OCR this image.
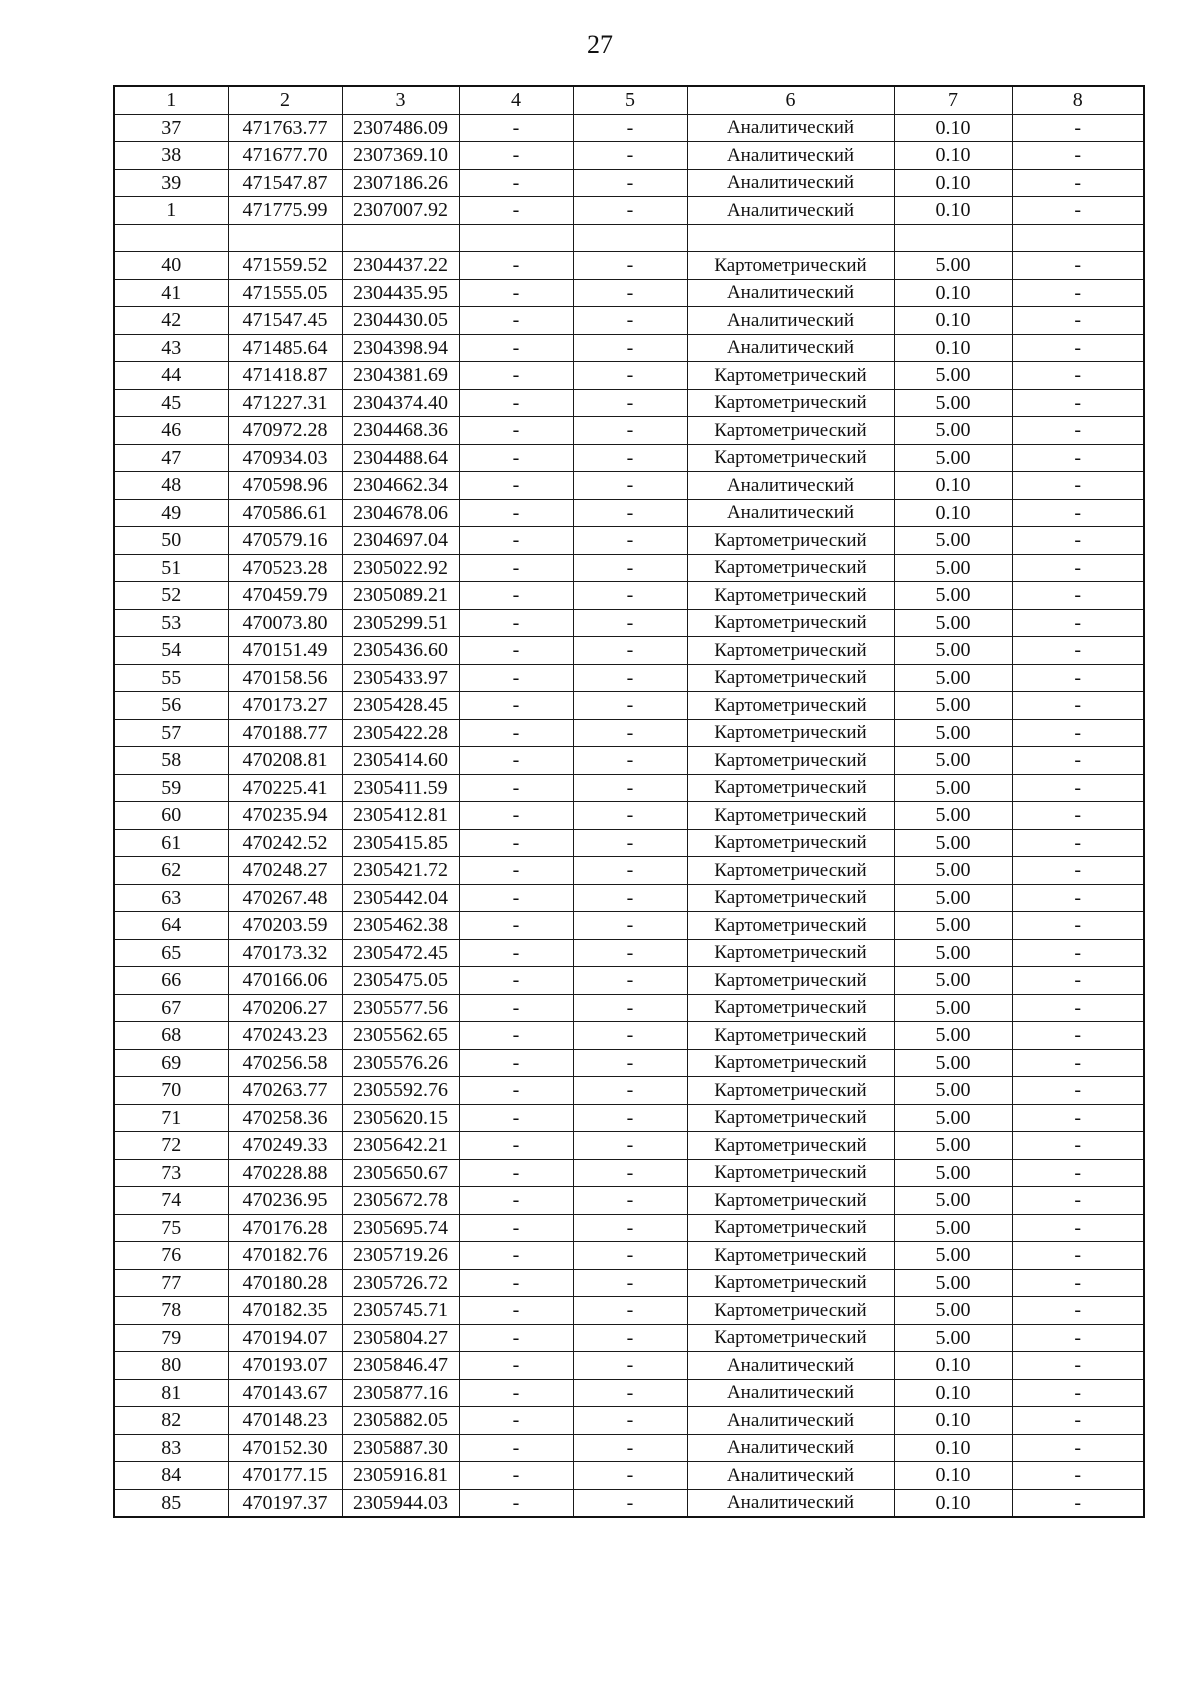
27
1	2	3	4	5	6	7	8
37	471763.77	2307486.09	-	-	Аналитический	0.10	-
38	471677.70	2307369.10	-	-	Аналитический	0.10	-
39	471547.87	2307186.26	-	-	Аналитический	0.10	-
1	471775.99	2307007.92	-	-	Аналитический	0.10	-

40	471559.52	2304437.22	-	-	Картометрический	5.00	-
41	471555.05	2304435.95	-	-	Аналитический	0.10	-
42	471547.45	2304430.05	-	-	Аналитический	0.10	-
43	471485.64	2304398.94	-	-	Аналитический	0.10	-
44	471418.87	2304381.69	-	-	Картометрический	5.00	-
45	471227.31	2304374.40	-	-	Картометрический	5.00	-
46	470972.28	2304468.36	-	-	Картометрический	5.00	-
47	470934.03	2304488.64	-	-	Картометрический	5.00	-
48	470598.96	2304662.34	-	-	Аналитический	0.10	-
49	470586.61	2304678.06	-	-	Аналитический	0.10	-
50	470579.16	2304697.04	-	-	Картометрический	5.00	-
51	470523.28	2305022.92	-	-	Картометрический	5.00	-
52	470459.79	2305089.21	-	-	Картометрический	5.00	-
53	470073.80	2305299.51	-	-	Картометрический	5.00	-
54	470151.49	2305436.60	-	-	Картометрический	5.00	-
55	470158.56	2305433.97	-	-	Картометрический	5.00	-
56	470173.27	2305428.45	-	-	Картометрический	5.00	-
57	470188.77	2305422.28	-	-	Картометрический	5.00	-
58	470208.81	2305414.60	-	-	Картометрический	5.00	-
59	470225.41	2305411.59	-	-	Картометрический	5.00	-
60	470235.94	2305412.81	-	-	Картометрический	5.00	-
61	470242.52	2305415.85	-	-	Картометрический	5.00	-
62	470248.27	2305421.72	-	-	Картометрический	5.00	-
63	470267.48	2305442.04	-	-	Картометрический	5.00	-
64	470203.59	2305462.38	-	-	Картометрический	5.00	-
65	470173.32	2305472.45	-	-	Картометрический	5.00	-
66	470166.06	2305475.05	-	-	Картометрический	5.00	-
67	470206.27	2305577.56	-	-	Картометрический	5.00	-
68	470243.23	2305562.65	-	-	Картометрический	5.00	-
69	470256.58	2305576.26	-	-	Картометрический	5.00	-
70	470263.77	2305592.76	-	-	Картометрический	5.00	-
71	470258.36	2305620.15	-	-	Картометрический	5.00	-
72	470249.33	2305642.21	-	-	Картометрический	5.00	-
73	470228.88	2305650.67	-	-	Картометрический	5.00	-
74	470236.95	2305672.78	-	-	Картометрический	5.00	-
75	470176.28	2305695.74	-	-	Картометрический	5.00	-
76	470182.76	2305719.26	-	-	Картометрический	5.00	-
77	470180.28	2305726.72	-	-	Картометрический	5.00	-
78	470182.35	2305745.71	-	-	Картометрический	5.00	-
79	470194.07	2305804.27	-	-	Картометрический	5.00	-
80	470193.07	2305846.47	-	-	Аналитический	0.10	-
81	470143.67	2305877.16	-	-	Аналитический	0.10	-
82	470148.23	2305882.05	-	-	Аналитический	0.10	-
83	470152.30	2305887.30	-	-	Аналитический	0.10	-
84	470177.15	2305916.81	-	-	Аналитический	0.10	-
85	470197.37	2305944.03	-	-	Аналитический	0.10	-
